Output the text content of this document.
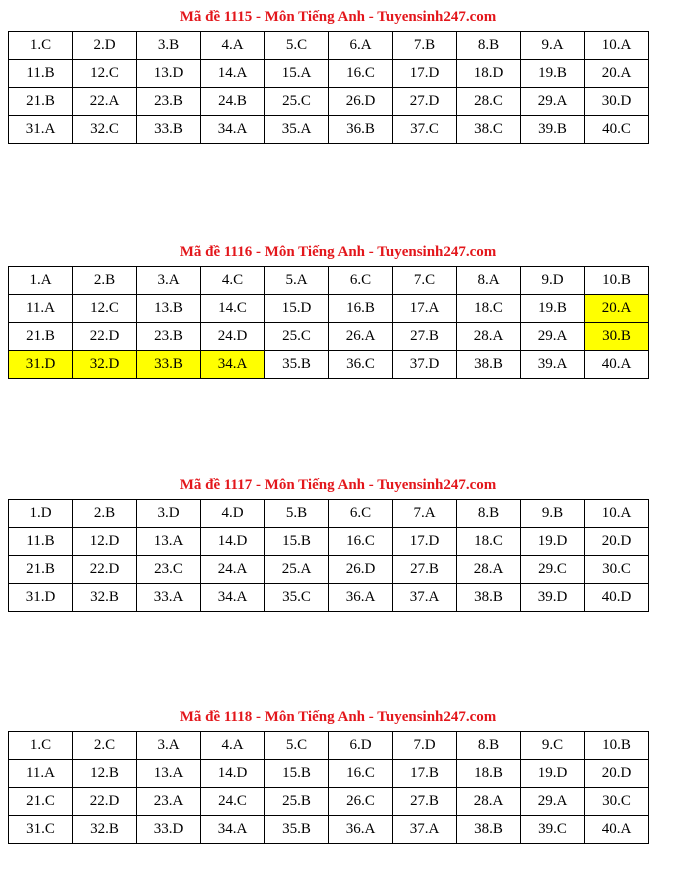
Mã đề 1115 - Môn Tiếng Anh - Tuyensinh247.com
1.C	2.D	3.B	4.A	5.C	6.A	7.B	8.B	9.A	10.A
11.B	12.C	13.D	14.A	15.A	16.C	17.D	18.D	19.B	20.A
21.B	22.A	23.B	24.B	25.C	26.D	27.D	28.C	29.A	30.D
31.A	32.C	33.B	34.A	35.A	36.B	37.C	38.C	39.B	40.C
Mã đề 1116 - Môn Tiếng Anh - Tuyensinh247.com
1.A	2.B	3.A	4.C	5.A	6.C	7.C	8.A	9.D	10.B
11.A	12.C	13.B	14.C	15.D	16.B	17.A	18.C	19.B	20.A
21.B	22.D	23.B	24.D	25.C	26.A	27.B	28.A	29.A	30.B
31.D	32.D	33.B	34.A	35.B	36.C	37.D	38.B	39.A	40.A
Mã đề 1117 - Môn Tiếng Anh - Tuyensinh247.com
1.D	2.B	3.D	4.D	5.B	6.C	7.A	8.B	9.B	10.A
11.B	12.D	13.A	14.D	15.B	16.C	17.D	18.C	19.D	20.D
21.B	22.D	23.C	24.A	25.A	26.D	27.B	28.A	29.C	30.C
31.D	32.B	33.A	34.A	35.C	36.A	37.A	38.B	39.D	40.D
Mã đề 1118 - Môn Tiếng Anh - Tuyensinh247.com
1.C	2.C	3.A	4.A	5.C	6.D	7.D	8.B	9.C	10.B
11.A	12.B	13.A	14.D	15.B	16.C	17.B	18.B	19.D	20.D
21.C	22.D	23.A	24.C	25.B	26.C	27.B	28.A	29.A	30.C
31.C	32.B	33.D	34.A	35.B	36.A	37.A	38.B	39.C	40.A
